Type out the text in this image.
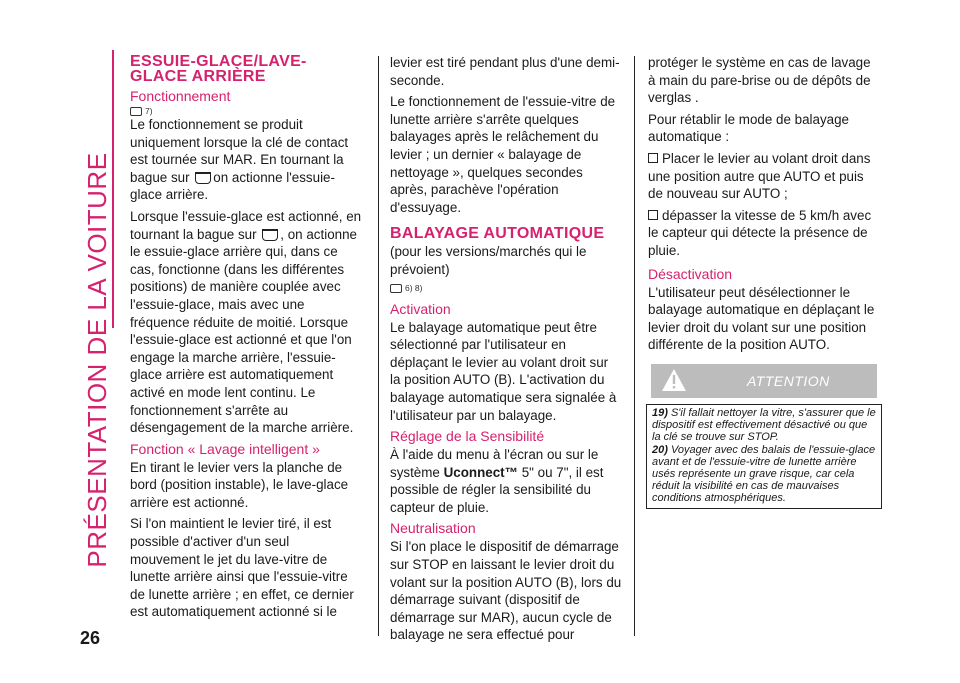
PRÉSENTATION DE LA VOITURE
26
ESSUIE-GLACE/LAVE-GLACE ARRIÈRE
Fonctionnement
7)

Le fonctionnement se produit uniquement lorsque la clé de contact est tournée sur MAR. En tournant la bague sur on actionne l'essuie-glace arrière.

Lorsque l'essuie-glace est actionné, en tournant la bague sur , on actionne le essuie-glace arrière qui, dans ce cas, fonctionne (dans les différentes positions) de manière couplée avec l'essuie-glace, mais avec une fréquence réduite de moitié. Lorsque l'essuie-glace est actionné et que l'on engage la marche arrière, l'essuie-glace arrière est automatiquement activé en mode lent continu. Le fonctionnement s'arrête au désengagement de la marche arrière.

Fonction « Lavage intelligent »

En tirant le levier vers la planche de bord (position instable), le lave-glace arrière est actionné.

Si l'on maintient le levier tiré, il est possible d'activer d'un seul mouvement le jet du lave-vitre de lunette arrière ainsi que l'essuie-vitre de lunette arrière ; en effet, ce dernier est automatiquement actionné si le

levier est tiré pendant plus d'une demi-seconde.

Le fonctionnement de l'essuie-vitre de lunette arrière s'arrête quelques balayages après le relâchement du levier ; un dernier « balayage de nettoyage », quelques secondes après, parachève l'opération d'essuyage.

BALAYAGE AUTOMATIQUE

(pour les versions/marchés qui le prévoient)

6) 8)
Activation

Le balayage automatique peut être sélectionné par l'utilisateur en déplaçant le levier au volant droit sur la position AUTO (B). L'activation du balayage automatique sera signalée à l'utilisateur par un balayage.

Réglage de la Sensibilité

À l'aide du menu à l'écran ou sur le système Uconnect™ 5" ou 7", il est possible de régler la sensibilité du capteur de pluie.

Neutralisation

Si l'on place le dispositif de démarrage sur STOP en laissant le levier droit du volant sur la position AUTO (B), lors du démarrage suivant (dispositif de démarrage sur MAR), aucun cycle de balayage ne sera effectué pour

protéger le système en cas de lavage à main du pare-brise ou de dépôts de verglas .

Pour rétablir le mode de balayage automatique :

Placer le levier au volant droit dans une position autre que AUTO et puis de nouveau sur AUTO ;

dépasser la vitesse de 5 km/h avec le capteur qui détecte la présence de pluie.

Désactivation

L'utilisateur peut désélectionner le balayage automatique en déplaçant le levier droit du volant sur une position différente de la position AUTO.

ATTENTION

19) S'il fallait nettoyer la vitre, s'assurer que le dispositif est effectivement désactivé ou que la clé se trouve sur STOP.

20) Voyager avec des balais de l'essuie-glace avant et de l'essuie-vitre de lunette arrière usés représente un grave risque, car cela réduit la visibilité en cas de mauvaises conditions atmosphériques.
